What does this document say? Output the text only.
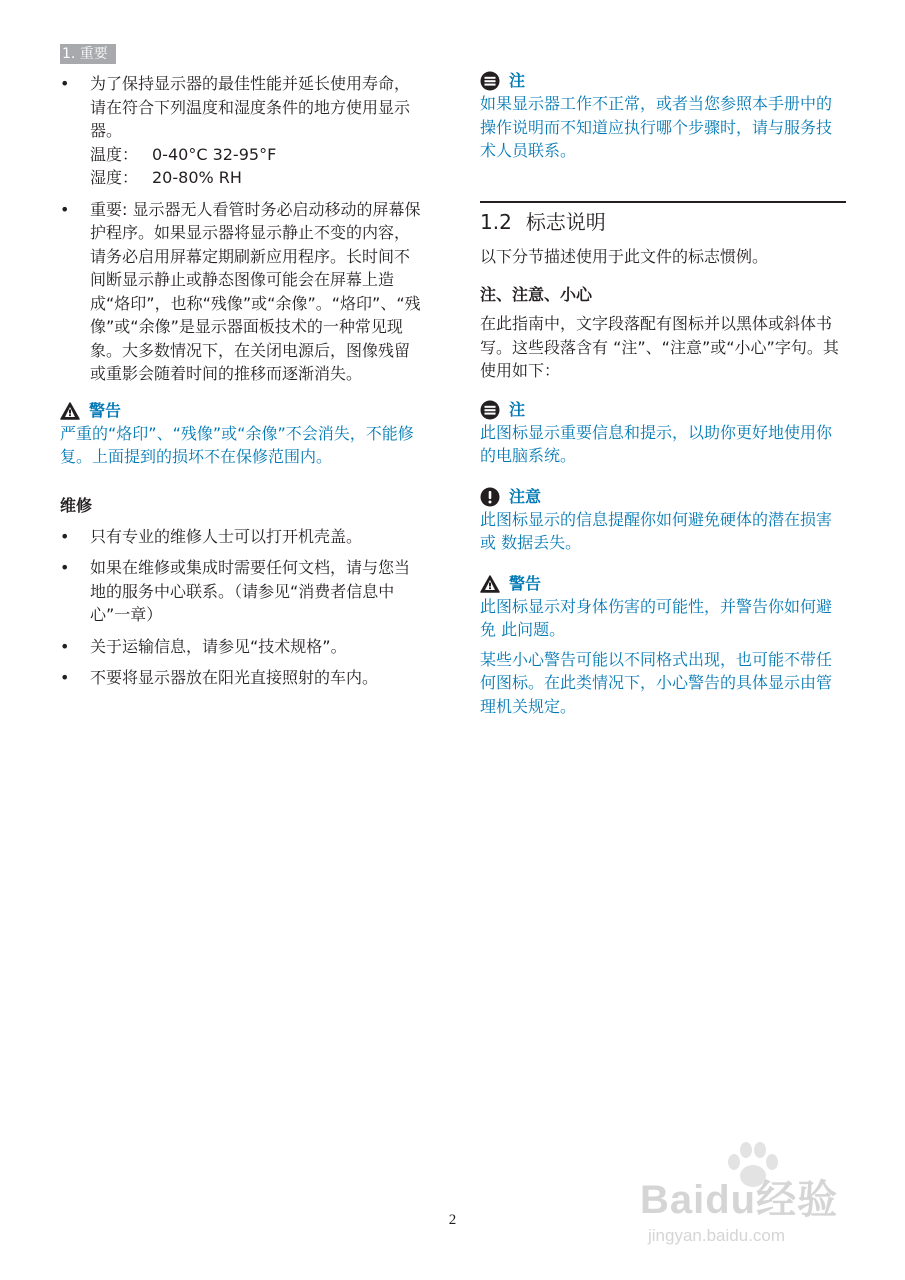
1. 重要
• 为了保持显示器的最佳性能并延长使用寿命，请在符合下列温度和湿度条件的地方使用显示器。
温度： 0-40°C 32-95°F
湿度： 20-80% RH
• 重要: 显示器无人看管时务必启动移动的屏幕保护程序。如果显示器将显示静止不变的内容，请务必启用屏幕定期刷新应用程序。长时间不间断显示静止或静态图像可能会在屏幕上造成“烙印”，也称“残像”或“余像”。“烙印”、“残像”或“余像”是显示器面板技术的一种常见现象。大多数情况下，在关闭电源后，图像残留或重影会随着时间的推移而逐渐消失。
警告
严重的“烙印”、“残像”或“余像”不会消失，不能修复。上面提到的损坏不在保修范围内。
维修
• 只有专业的维修人士可以打开机壳盖。
• 如果在维修或集成时需要任何文档，请与您当地的服务中心联系。（请参见“消费者信息中心”一章）
• 关于运输信息，请参见“技术规格”。
• 不要将显示器放在阳光直接照射的车内。
注
如果显示器工作不正常，或者当您参照本手册中的操作说明而不知道应执行哪个步骤时，请与服务技术人员联系。
1.2 标志说明
以下分节描述使用于此文件的标志惯例。
注、注意、小心
在此指南中，文字段落配有图标并以黑体或斜体书写。这些段落含有 “注”、“注意”或“小心”字句。其使用如下：
注
此图标显示重要信息和提示，以助你更好地使用你 的电脑系统。
注意
此图标显示的信息提醒你如何避免硬体的潜在损害或 数据丢失。
警告
此图标显示对身体伤害的可能性，并警告你如何避免 此问题。
某些小心警告可能以不同格式出现，也可能不带任何图标。在此类情况下，小心警告的具体显示由管理机关规定。
2	Baidu经验
jingyan.baidu.com
